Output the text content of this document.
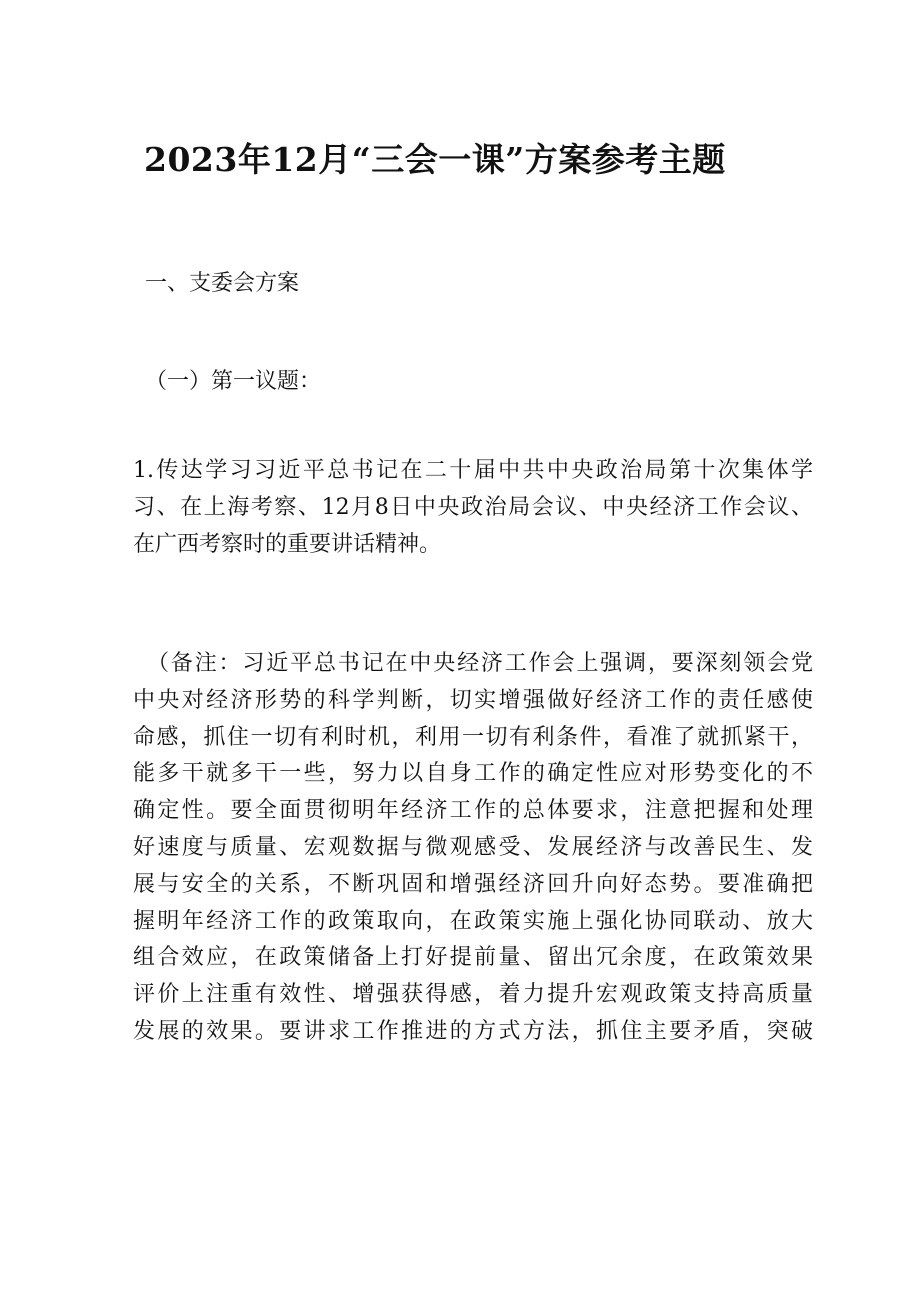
2023年12月“三会一课”方案参考主题
一、支委会方案
（一）第一议题：
1.传达学习习近平总书记在二十届中共中央政治局第十次集体学
习、在上海考察、12月8日中央政治局会议、中央经济工作会议、
在广西考察时的重要讲话精神。
（备注：习近平总书记在中央经济工作会上强调，要深刻领会党
中央对经济形势的科学判断，切实增强做好经济工作的责任感使
命感，抓住一切有利时机，利用一切有利条件，看准了就抓紧干，
能多干就多干一些，努力以自身工作的确定性应对形势变化的不
确定性。要全面贯彻明年经济工作的总体要求，注意把握和处理
好速度与质量、宏观数据与微观感受、发展经济与改善民生、发
展与安全的关系，不断巩固和增强经济回升向好态势。要准确把
握明年经济工作的政策取向，在政策实施上强化协同联动、放大
组合效应，在政策储备上打好提前量、留出冗余度，在政策效果
评价上注重有效性、增强获得感，着力提升宏观政策支持高质量
发展的效果。要讲求工作推进的方式方法，抓住主要矛盾，突破
